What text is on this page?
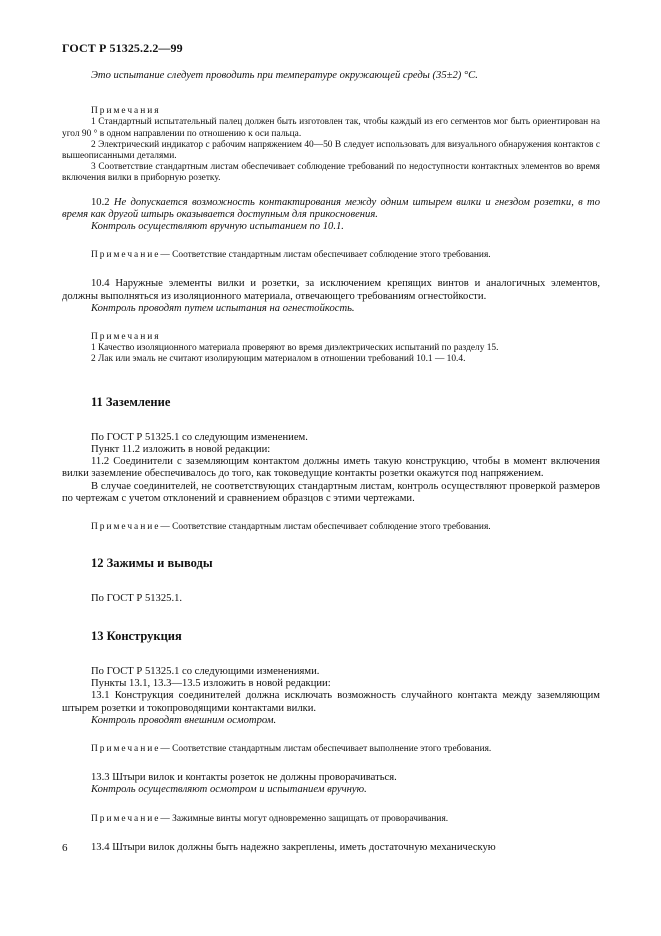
ГОСТ Р 51325.2.2—99

Это испытание следует проводить при температуре окружающей среды (35±2) °С.

Примечания

1 Стандартный испытательный палец должен быть изготовлен так, чтобы каждый из его сегментов мог быть ориентирован на угол 90 ° в одном направлении по отношению к оси пальца.

2 Электрический индикатор с рабочим напряжением 40—50 В следует использовать для визуального обнаружения контактов с вышеописанными деталями.

3 Соответствие стандартным листам обеспечивает соблюдение требований по недоступности контактных элементов во время включения вилки в приборную розетку.

10.2 Не допускается возможность контактирования между одним штырем вилки и гнездом розетки, в то время как другой штырь оказывается доступным для прикосновения.

Контроль осуществляют вручную испытанием по 10.1.

Примечание— Соответствие стандартным листам обеспечивает соблюдение этого требования.

10.4 Наружные элементы вилки и розетки, за исключением крепящих винтов и аналогичных элементов, должны выполняться из изоляционного материала, отвечающего требованиям огнестойкости.

Контроль проводят путем испытания на огнестойкость.

Примечания

1 Качество изоляционного материала проверяют во время диэлектрических испытаний по разделу 15.

2 Лак или эмаль не считают изолирующим материалом в отношении требований 10.1 — 10.4.

11 Заземление

По ГОСТ Р 51325.1 со следующим изменением.

Пункт 11.2 изложить в новой редакции:

11.2 Соединители с заземляющим контактом должны иметь такую конструкцию, чтобы в момент включения вилки заземление обеспечивалось до того, как токоведущие контакты розетки окажутся под напряжением.

В случае соединителей, не соответствующих стандартным листам, контроль осуществляют проверкой размеров по чертежам с учетом отклонений и сравнением образцов с этими чертежами.

Примечание— Соответствие стандартным листам обеспечивает соблюдение этого требования.

12 Зажимы и выводы

По ГОСТ Р 51325.1.

13 Конструкция

По ГОСТ Р 51325.1 со следующими изменениями.

Пункты 13.1, 13.3—13.5 изложить в новой редакции:

13.1 Конструкция соединителей должна исключать возможность случайного контакта между заземляющим штырем розетки и токопроводящими контактами вилки.

Контроль проводят внешним осмотром.

Примечание— Соответствие стандартным листам обеспечивает выполнение этого требования.

13.3 Штыри вилок и контакты розеток не должны проворачиваться.

Контроль осуществляют осмотром и испытанием вручную.

Примечание— Зажимные винты могут одновременно защищать от проворачивания.

13.4 Штыри вилок должны быть надежно закреплены, иметь достаточную механическую

6
